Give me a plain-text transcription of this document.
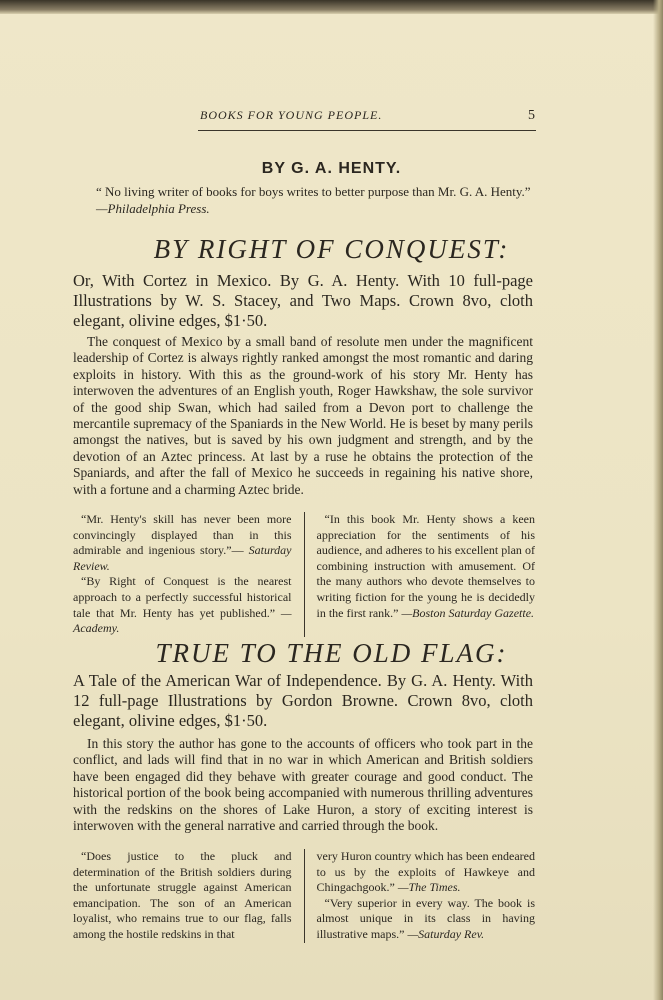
BOOKS FOR YOUNG PEOPLE.	5
BY G. A. HENTY.
“ No living writer of books for boys writes to better purpose than Mr. G. A. Henty.” —Philadelphia Press.
BY RIGHT OF CONQUEST:
Or, With Cortez in Mexico. By G. A. Henty. With 10 full-page Illustrations by W. S. Stacey, and Two Maps. Crown 8vo, cloth elegant, olivine edges, $1·50.

The conquest of Mexico by a small band of resolute men under the magnificent leadership of Cortez is always rightly ranked amongst the most romantic and daring exploits in history. With this as the ground-work of his story Mr. Henty has interwoven the adventures of an English youth, Roger Hawkshaw, the sole survivor of the good ship Swan, which had sailed from a Devon port to challenge the mercantile supremacy of the Spaniards in the New World. He is beset by many perils amongst the natives, but is saved by his own judgment and strength, and by the devotion of an Aztec princess. At last by a ruse he obtains the protection of the Spaniards, and after the fall of Mexico he succeeds in regaining his native shore, with a fortune and a charming Aztec bride.

“Mr. Henty's skill has never been more convincingly displayed than in this admirable and ingenious story.”— Saturday Review.

“By Right of Conquest is the nearest approach to a perfectly successful historical tale that Mr. Henty has yet published.” —Academy.

“In this book Mr. Henty shows a keen appreciation for the sentiments of his audience, and adheres to his excellent plan of combining instruction with amusement. Of the many authors who devote themselves to writing fiction for the young he is decidedly in the first rank.” —Boston Saturday Gazette.

TRUE TO THE OLD FLAG:
A Tale of the American War of Independence. By G. A. Henty. With 12 full-page Illustrations by Gordon Browne. Crown 8vo, cloth elegant, olivine edges, $1·50.

In this story the author has gone to the accounts of officers who took part in the conflict, and lads will find that in no war in which American and British soldiers have been engaged did they behave with greater courage and good conduct. The historical portion of the book being accompanied with numerous thrilling adventures with the redskins on the shores of Lake Huron, a story of exciting interest is interwoven with the general narrative and carried through the book.

“Does justice to the pluck and determination of the British soldiers during the unfortunate struggle against American emancipation. The son of an American loyalist, who remains true to our flag, falls among the hostile redskins in that

very Huron country which has been endeared to us by the exploits of Hawkeye and Chingachgook.” —The Times.

“Very superior in every way. The book is almost unique in its class in having illustrative maps.” —Saturday Rev.
